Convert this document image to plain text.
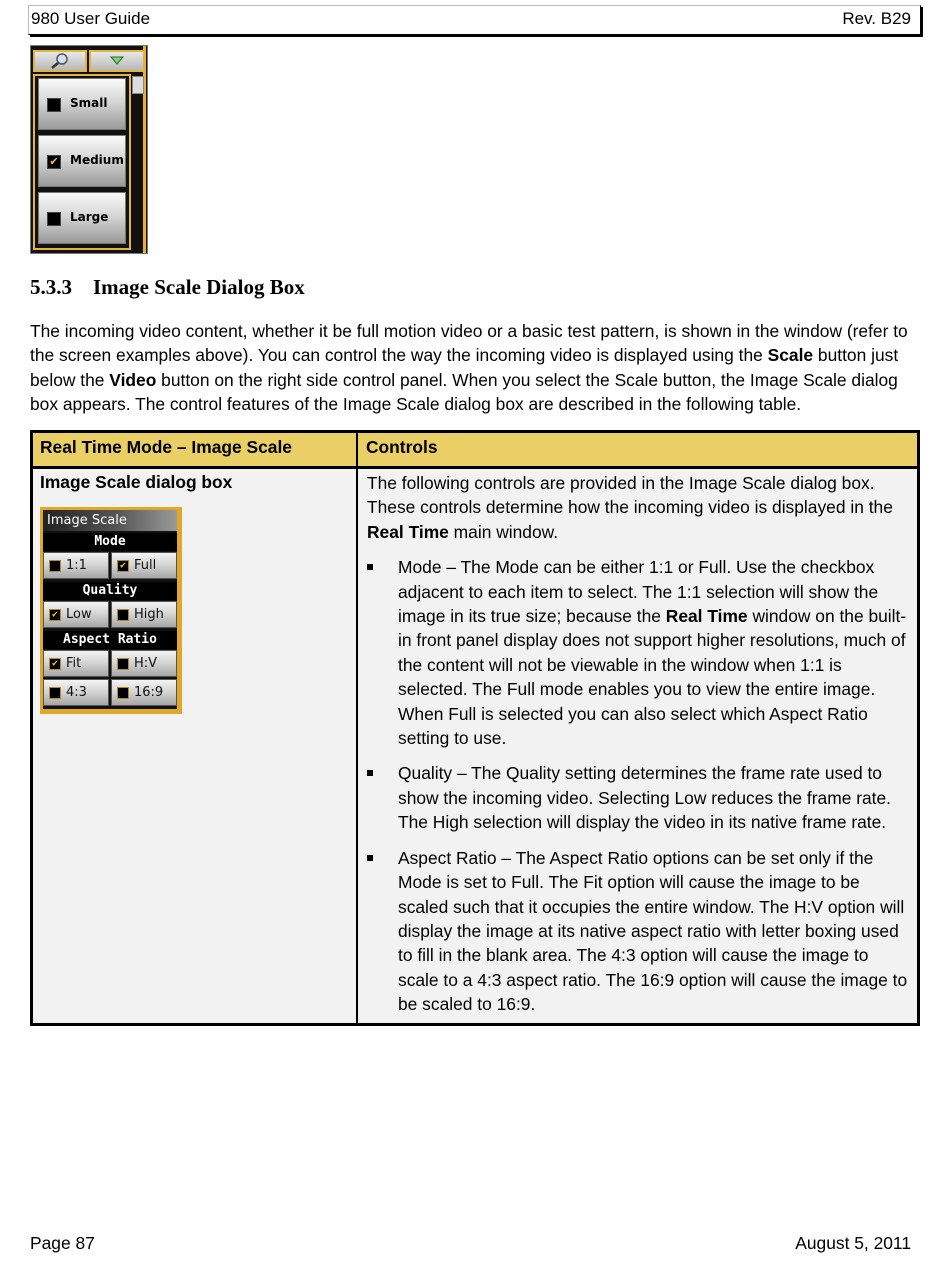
980 User Guide	Rev. B29
Small
✔ Medium
Large
5.3.3 Image Scale Dialog Box
The incoming video content, whether it be full motion video or a basic test pattern, is shown in the window (refer to the screen examples above). You can control the way the incoming video is displayed using the Scale button just below the Video button on the right side control panel. When you select the Scale button, the Image Scale dialog box appears. The control features of the Image Scale dialog box are described in the following table.
Real Time Mode – Image Scale	Controls
Image Scale dialog box
Image Scale
Mode
1:1	✔ Full
Quality
✔ Low	High
Aspect Ratio
✔ Fit	H:V
4:3	16:9

The following controls are provided in the Image Scale dialog box. These controls determine how the incoming video is displayed in the Real Time main window.

Mode – The Mode can be either 1:1 or Full. Use the checkbox adjacent to each item to select. The 1:1 selection will show the image in its true size; because the Real Time window on the built-in front panel display does not support higher resolutions, much of the content will not be viewable in the window when 1:1 is selected. The Full mode enables you to view the entire image. When Full is selected you can also select which Aspect Ratio setting to use.
Quality – The Quality setting determines the frame rate used to show the incoming video. Selecting Low reduces the frame rate. The High selection will display the video in its native frame rate.
Aspect Ratio – The Aspect Ratio options can be set only if the Mode is set to Full. The Fit option will cause the image to be scaled such that it occupies the entire window. The H:V option will display the image at its native aspect ratio with letter boxing used to fill in the blank area. The 4:3 option will cause the image to scale to a 4:3 aspect ratio. The 16:9 option will cause the image to be scaled to 16:9.
Page 87	August 5, 2011
